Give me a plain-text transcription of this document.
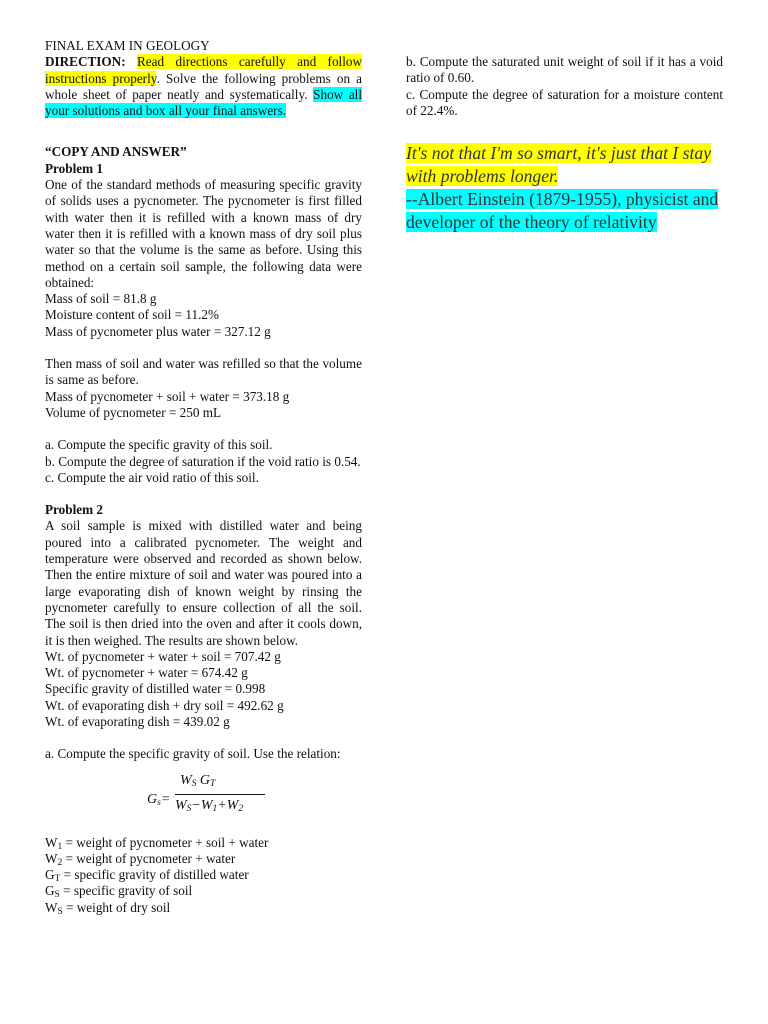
FINAL EXAM IN GEOLOGY

DIRECTION: Read directions carefully and follow instructions properly. Solve the following problems on a whole sheet of paper neatly and systematically. Show all your solutions and box all your final answers.

“COPY AND ANSWER”

Problem 1

One of the standard methods of measuring specific gravity of solids uses a pycnometer. The pycnometer is first filled with water then it is refilled with a known mass of dry water then it is refilled with a known mass of dry soil plus water so that the volume is the same as before. Using this method on a certain soil sample, the following data were obtained:

Mass of soil = 81.8 g

Moisture content of soil = 11.2%

Mass of pycnometer plus water = 327.12 g

Then mass of soil and water was refilled so that the volume is same as before.

Mass of pycnometer + soil + water = 373.18 g

Volume of pycnometer = 250 mL

a. Compute the specific gravity of this soil.

b. Compute the degree of saturation if the void ratio is 0.54.

c. Compute the air void ratio of this soil.

Problem 2

A soil sample is mixed with distilled water and being poured into a calibrated pycnometer. The weight and temperature were observed and recorded as shown below. Then the entire mixture of soil and water was poured into a large evaporating dish of known weight by rinsing the pycnometer carefully to ensure collection of all the soil. The soil is then dried into the oven and after it cools down, it is then weighed. The results are shown below.

Wt. of pycnometer + water + soil = 707.42 g

Wt. of pycnometer + water = 674.42 g

Specific gravity of distilled water = 0.998

Wt. of evaporating dish + dry soil = 492.62 g

Wt. of evaporating dish = 439.02 g

a. Compute the specific gravity of soil. Use the relation:

$G_s=$
$W_S$ $G_T$
$W_S-W_1+W_2$

$W_1$ = weight of pycnometer + soil + water

$W_2$ = weight of pycnometer + water

$G_T$ = specific gravity of distilled water

$G_S$ = specific gravity of soil

$W_S$ = weight of dry soil

b. Compute the saturated unit weight of soil if it has a void ratio of 0.60.

c. Compute the degree of saturation for a moisture content of 22.4%.

It's not that I'm so smart, it's just that I stay with problems longer.
--Albert Einstein (1879-1955), physicist and developer of the theory of relativity
